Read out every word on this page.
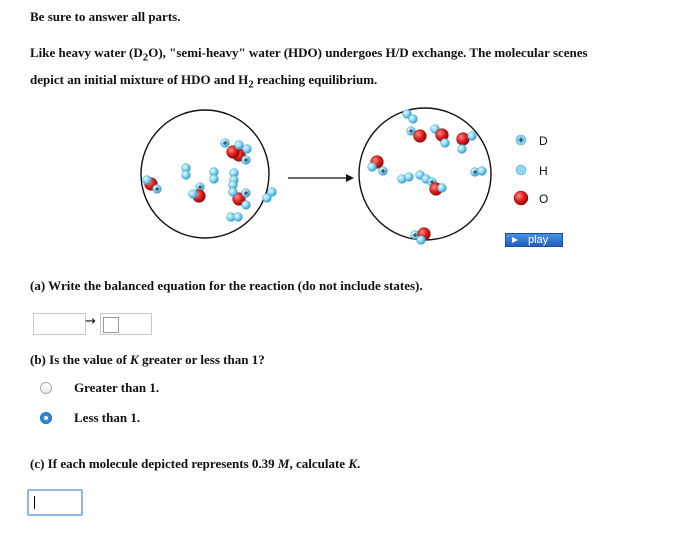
Be sure to answer all parts.
Like heavy water $(D_2O)$, "semi-heavy" water (HDO) undergoes H/D exchange. The molecular scenes
depict an initial mixture of HDO and $H_2$ reaching equilibrium.
D
H
O
play
(a) Write the balanced equation for the reaction (do not include states).
→
(b) Is the value of K greater or less than 1?
Greater than 1.
Less than 1.
(c) If each molecule depicted represents 0.39 M, calculate K.
